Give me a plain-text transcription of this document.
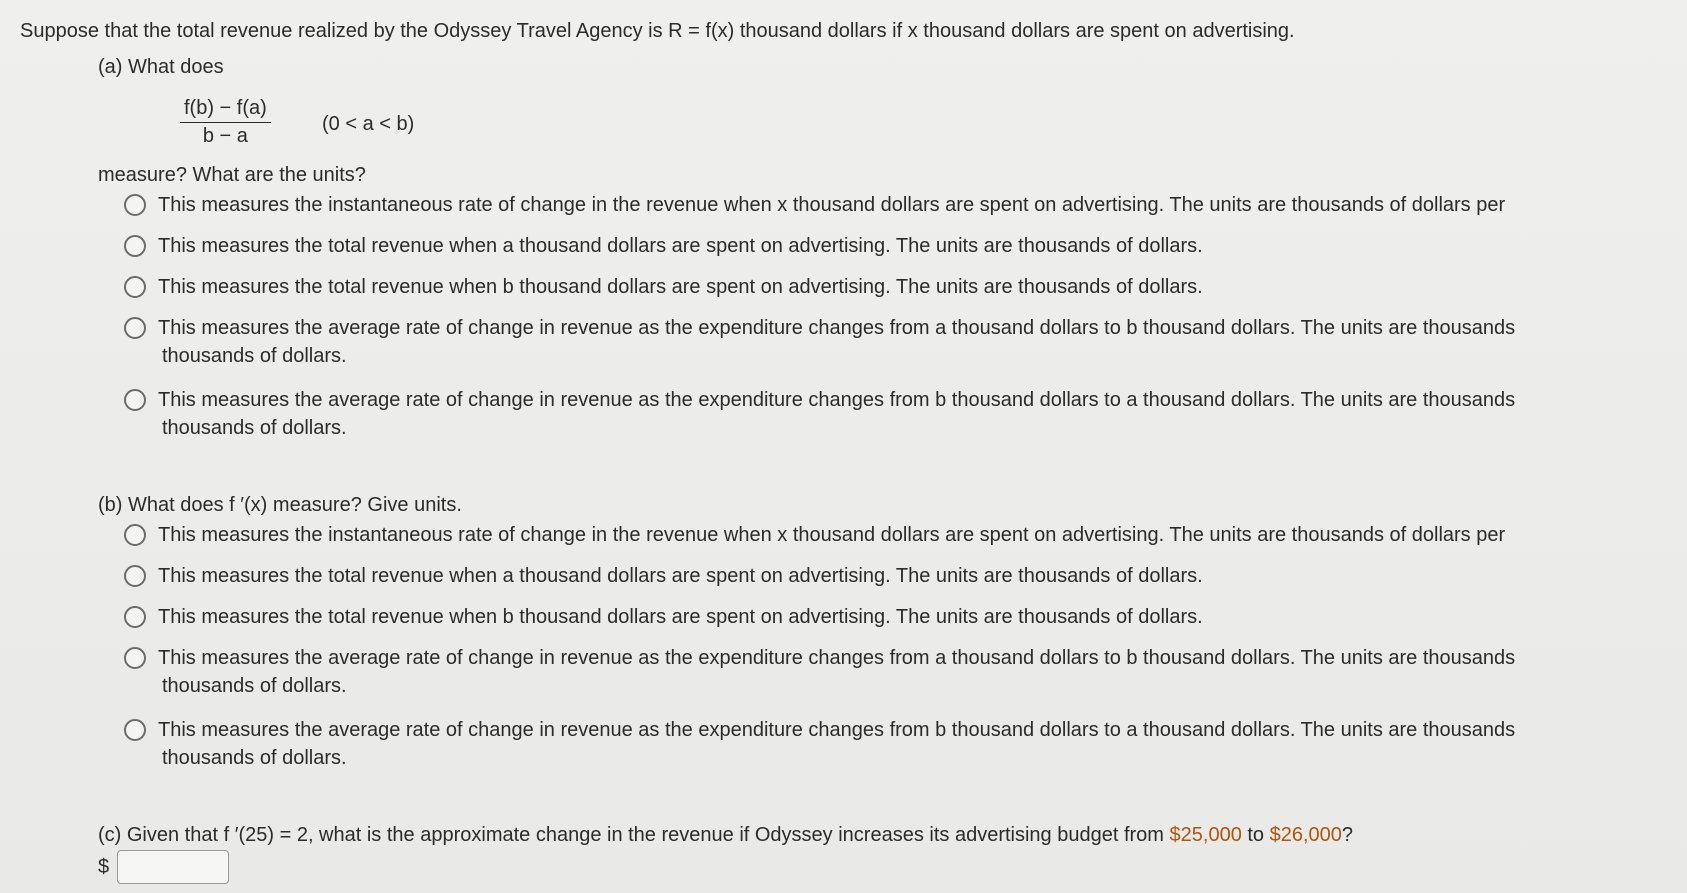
Suppose that the total revenue realized by the Odyssey Travel Agency is R = f(x) thousand dollars if x thousand dollars are spent on advertising.
(a) What does
$\frac{f(b) - f(a)}{b - a}$	(0 < a < b)
measure? What are the units?
This measures the instantaneous rate of change in the revenue when x thousand dollars are spent on advertising. The units are thousands of dollars per
This measures the total revenue when a thousand dollars are spent on advertising. The units are thousands of dollars.
This measures the total revenue when b thousand dollars are spent on advertising. The units are thousands of dollars.
This measures the average rate of change in revenue as the expenditure changes from a thousand dollars to b thousand dollars. The units are thousands
thousands of dollars.
This measures the average rate of change in revenue as the expenditure changes from b thousand dollars to a thousand dollars. The units are thousands
thousands of dollars.
(b) What does f ′(x) measure? Give units.
This measures the instantaneous rate of change in the revenue when x thousand dollars are spent on advertising. The units are thousands of dollars per
This measures the total revenue when a thousand dollars are spent on advertising. The units are thousands of dollars.
This measures the total revenue when b thousand dollars are spent on advertising. The units are thousands of dollars.
This measures the average rate of change in revenue as the expenditure changes from a thousand dollars to b thousand dollars. The units are thousands
thousands of dollars.
This measures the average rate of change in revenue as the expenditure changes from b thousand dollars to a thousand dollars. The units are thousands
thousands of dollars.
(c) Given that f ′(25) = 2, what is the approximate change in the revenue if Odyssey increases its advertising budget from $25,000 to $26,000?
$
